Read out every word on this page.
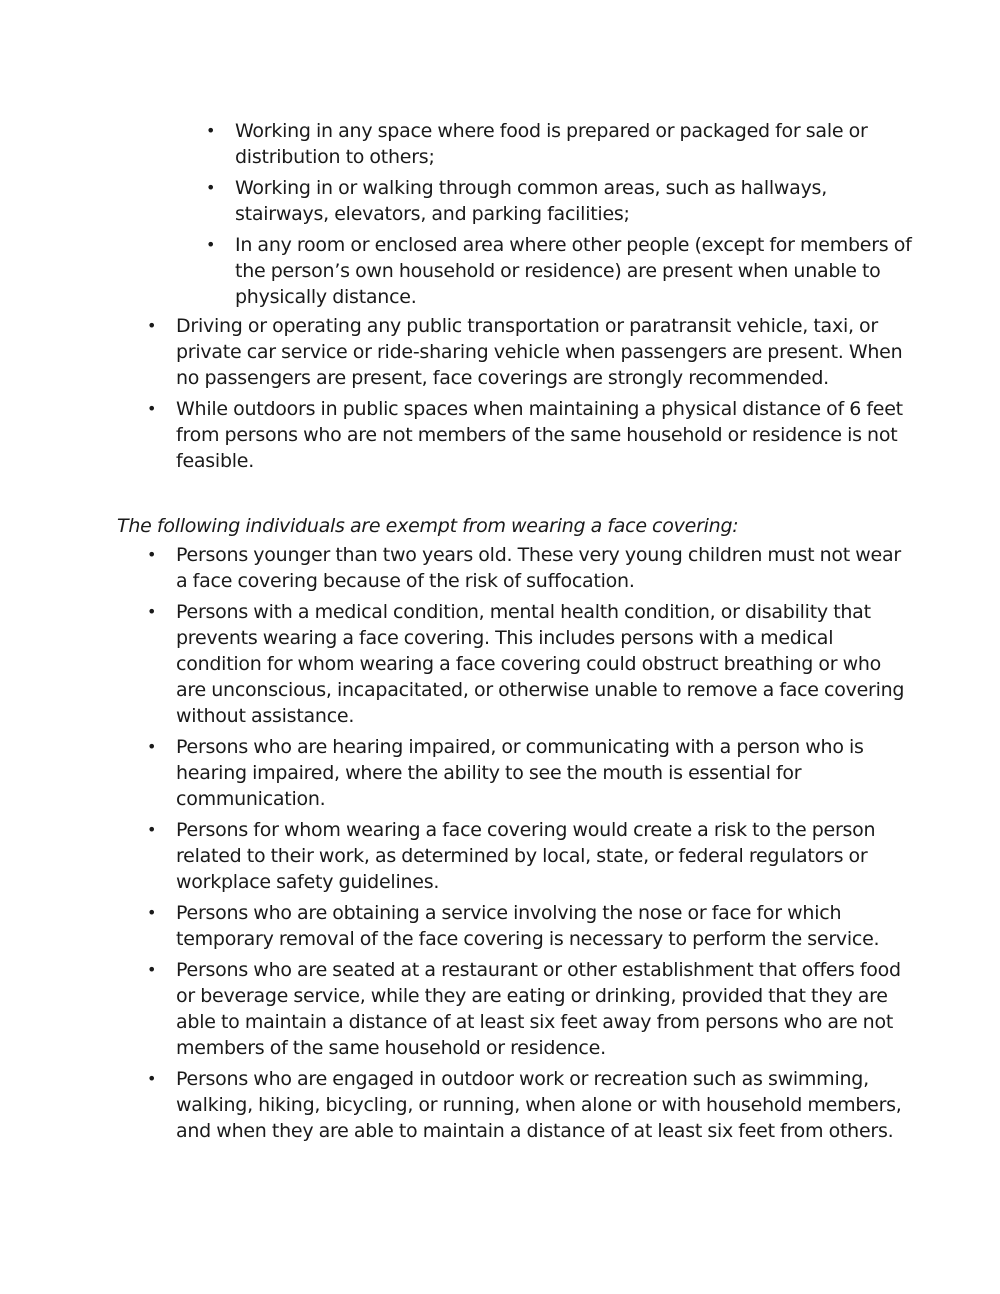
• Working in any space where food is prepared or packaged for sale or distribution to others;
• Working in or walking through common areas, such as hallways, stairways, elevators, and parking facilities;
• In any room or enclosed area where other people (except for members of the person’s own household or residence) are present when unable to physically distance.
• Driving or operating any public transportation or paratransit vehicle, taxi, or private car service or ride-sharing vehicle when passengers are present. When no passengers are present, face coverings are strongly recommended.
• While outdoors in public spaces when maintaining a physical distance of 6 feet from persons who are not members of the same household or residence is not feasible.
The following individuals are exempt from wearing a face covering:
• Persons younger than two years old. These very young children must not wear a face covering because of the risk of suffocation.
• Persons with a medical condition, mental health condition, or disability that prevents wearing a face covering. This includes persons with a medical condition for whom wearing a face covering could obstruct breathing or who are unconscious, incapacitated, or otherwise unable to remove a face covering without assistance.
• Persons who are hearing impaired, or communicating with a person who is hearing impaired, where the ability to see the mouth is essential for communication.
• Persons for whom wearing a face covering would create a risk to the person related to their work, as determined by local, state, or federal regulators or workplace safety guidelines.
• Persons who are obtaining a service involving the nose or face for which temporary removal of the face covering is necessary to perform the service.
• Persons who are seated at a restaurant or other establishment that offers food or beverage service, while they are eating or drinking, provided that they are able to maintain a distance of at least six feet away from persons who are not members of the same household or residence.
• Persons who are engaged in outdoor work or recreation such as swimming, walking, hiking, bicycling, or running, when alone or with household members, and when they are able to maintain a distance of at least six feet from others.
